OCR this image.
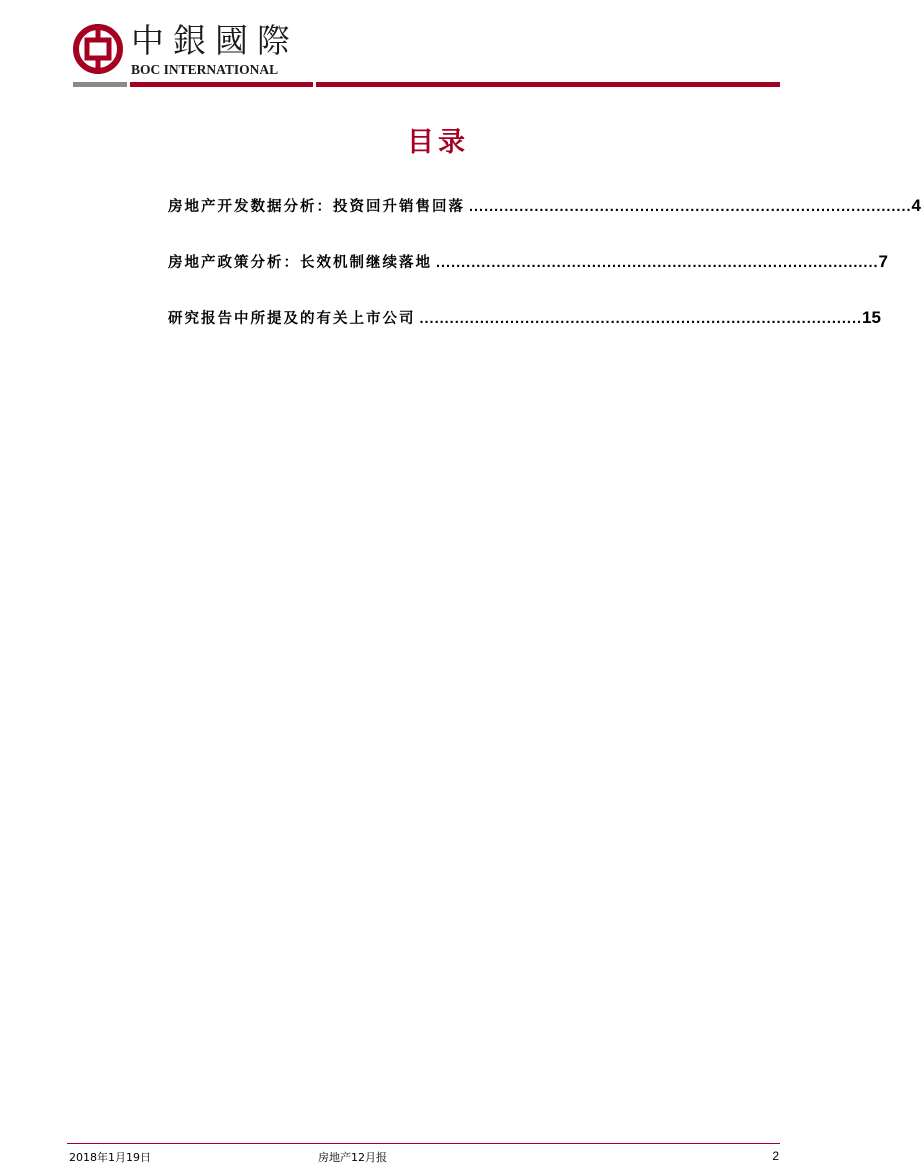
中銀國際
BOC INTERNATIONAL
目录
房地产开发数据分析：投资回升销售回落 ........................................................................................ 4
房地产政策分析：长效机制继续落地 ........................................................................................ 7
研究报告中所提及的有关上市公司 ........................................................................................ 15
2018年1月19日	房地产12月报	2
